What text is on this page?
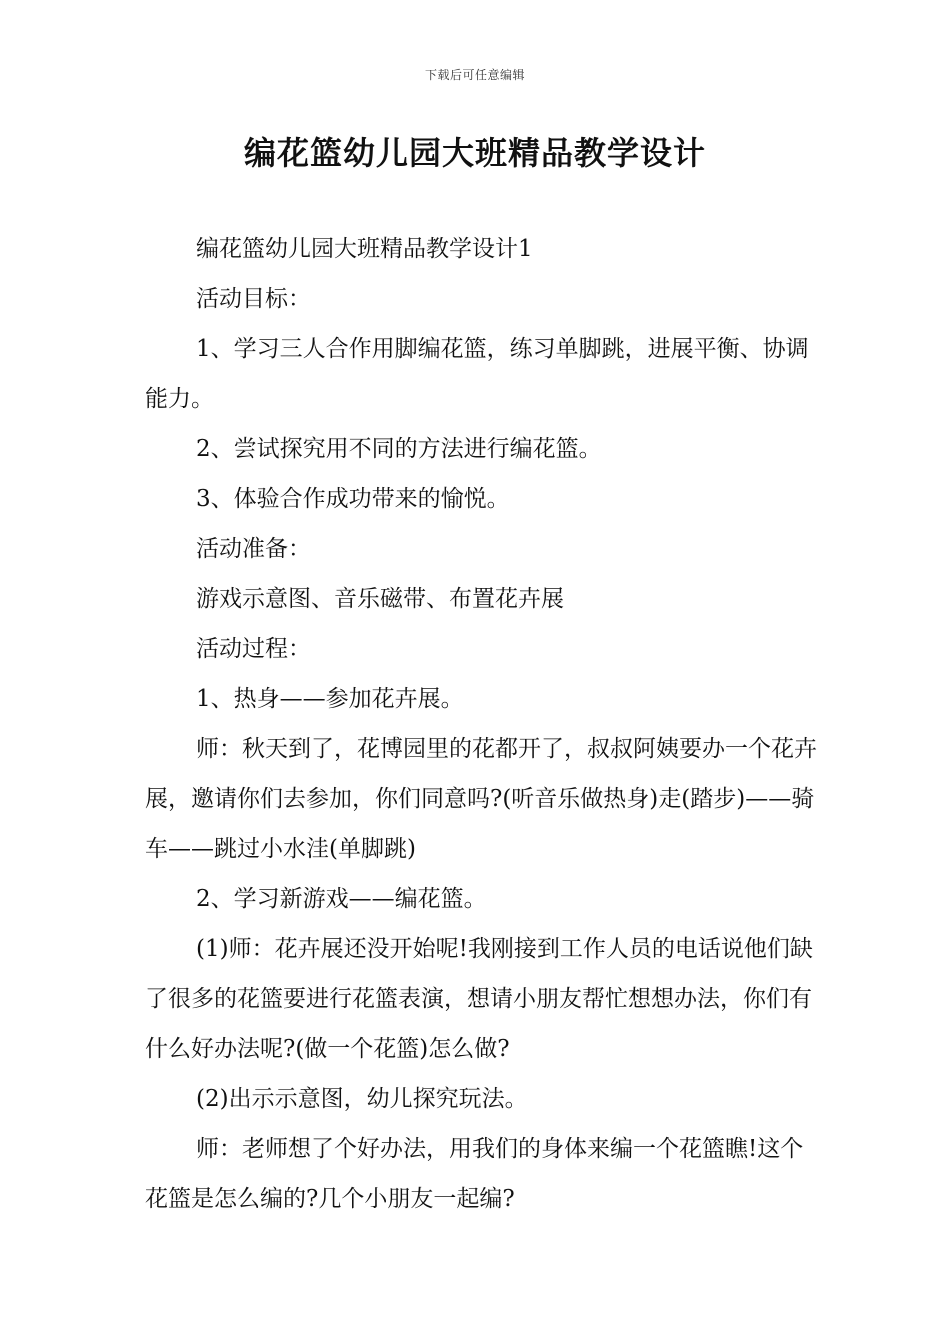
下载后可任意编辑
编花篮幼儿园大班精品教学设计

编花篮幼儿园大班精品教学设计1

活动目标：

1、学习三人合作用脚编花篮，练习单脚跳，进展平衡、协调能力。

2、尝试探究用不同的方法进行编花篮。

3、体验合作成功带来的愉悦。

活动准备：

游戏示意图、音乐磁带、布置花卉展

活动过程：

1、热身——参加花卉展。

师：秋天到了，花博园里的花都开了，叔叔阿姨要办一个花卉展，邀请你们去参加，你们同意吗?(听音乐做热身)走(踏步)——骑车——跳过小水洼(单脚跳)

2、学习新游戏——编花篮。

(1)师：花卉展还没开始呢!我刚接到工作人员的电话说他们缺了很多的花篮要进行花篮表演，想请小朋友帮忙想想办法，你们有什么好办法呢?(做一个花篮)怎么做?

(2)出示示意图，幼儿探究玩法。

师：老师想了个好办法，用我们的身体来编一个花篮瞧!这个花篮是怎么编的?几个小朋友一起编?
